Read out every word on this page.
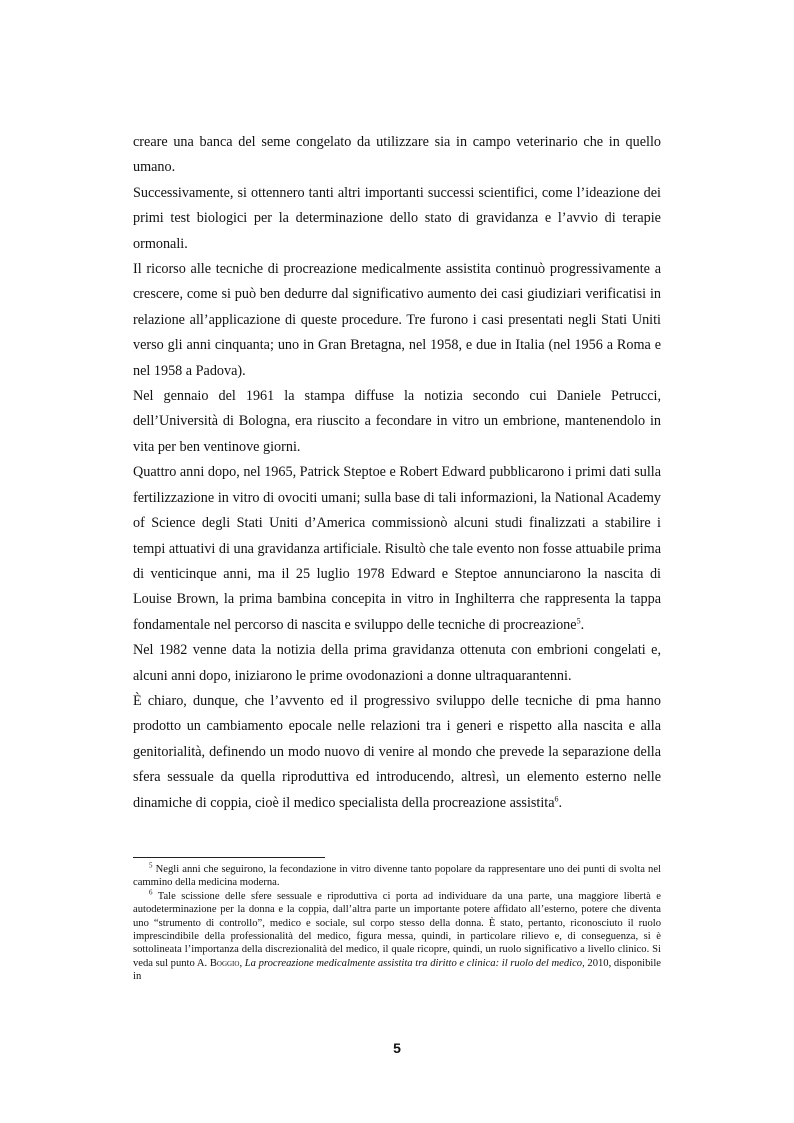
creare una banca del seme congelato da utilizzare sia in campo veterinario che in quello umano.

Successivamente, si ottennero tanti altri importanti successi scientifici, come l’ideazione dei primi test biologici per la determinazione dello stato di gravidanza e l’avvio di terapie ormonali.

Il ricorso alle tecniche di procreazione medicalmente assistita continuò progressivamente a crescere, come si può ben dedurre dal significativo aumento dei casi giudiziari verificatisi in relazione all’applicazione di queste procedure. Tre furono i casi presentati negli Stati Uniti verso gli anni cinquanta; uno in Gran Bretagna, nel 1958, e due in Italia (nel 1956 a Roma e nel 1958 a Padova).

Nel gennaio del 1961 la stampa diffuse la notizia secondo cui Daniele Petrucci, dell’Università di Bologna, era riuscito a fecondare in vitro un embrione, mantenendolo in vita per ben ventinove giorni.

Quattro anni dopo, nel 1965, Patrick Steptoe e Robert Edward pubblicarono i primi dati sulla fertilizzazione in vitro di ovociti umani; sulla base di tali informazioni, la National Academy of Science degli Stati Uniti d’America commissionò alcuni studi finalizzati a stabilire i tempi attuativi di una gravidanza artificiale. Risultò che tale evento non fosse attuabile prima di venticinque anni, ma il 25 luglio 1978 Edward e Steptoe annunciarono la nascita di Louise Brown, la prima bambina concepita in vitro in Inghilterra che rappresenta la tappa fondamentale nel percorso di nascita e sviluppo delle tecniche di procreazione$^5$.

Nel 1982 venne data la notizia della prima gravidanza ottenuta con embrioni congelati e, alcuni anni dopo, iniziarono le prime ovodonazioni a donne ultraquarantenni.

È chiaro, dunque, che l’avvento ed il progressivo sviluppo delle tecniche di pma hanno prodotto un cambiamento epocale nelle relazioni tra i generi e rispetto alla nascita e alla genitorialità, definendo un modo nuovo di venire al mondo che prevede la separazione della sfera sessuale da quella riproduttiva ed introducendo, altresì, un elemento esterno nelle dinamiche di coppia, cioè il medico specialista della procreazione assistita$^6$.

$^5$ Negli anni che seguirono, la fecondazione in vitro divenne tanto popolare da rappresentare uno dei punti di svolta nel cammino della medicina moderna.

$^6$ Tale scissione delle sfere sessuale e riproduttiva ci porta ad individuare da una parte, una maggiore libertà e autodeterminazione per la donna e la coppia, dall’altra parte un importante potere affidato all’esterno, potere che diventa uno “strumento di controllo”, medico e sociale, sul corpo stesso della donna. È stato, pertanto, riconosciuto il ruolo imprescindibile della professionalità del medico, figura messa, quindi, in particolare rilievo e, di conseguenza, si è sottolineata l’importanza della discrezionalità del medico, il quale ricopre, quindi, un ruolo significativo a livello clinico. Si veda sul punto A. Boggio, La procreazione medicalmente assistita tra diritto e clinica: il ruolo del medico, 2010, disponibile in

5
